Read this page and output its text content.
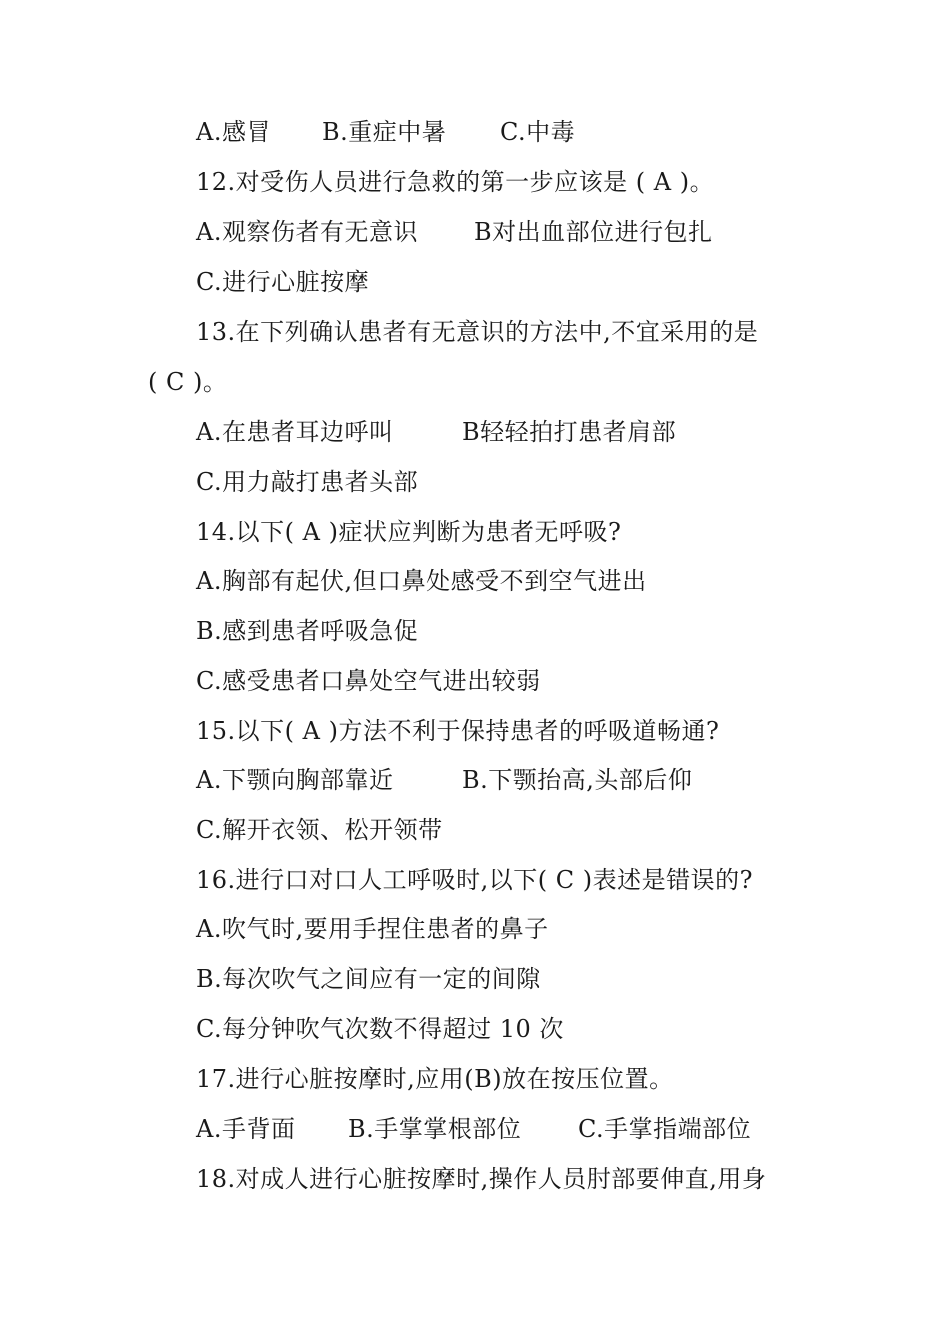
A.感冒 B.重症中暑 C.中毒
12.对受伤人员进行急救的第一步应该是 ( A )。
A.观察伤者有无意识 B对出血部位进行包扎
C.进行心脏按摩
13.在下列确认患者有无意识的方法中,不宜采用的是
( C )。
A.在患者耳边呼叫	B轻轻拍打患者肩部
C.用力敲打患者头部
14.以下( A )症状应判断为患者无呼吸?
A.胸部有起伏,但口鼻处感受不到空气进出
B.感到患者呼吸急促
C.感受患者口鼻处空气进出较弱
15.以下( A )方法不利于保持患者的呼吸道畅通?
A.下颚向胸部靠近	B.下颚抬高,头部后仰
C.解开衣领、松开领带
16.进行口对口人工呼吸时,以下( C )表述是错误的?
A.吹气时,要用手捏住患者的鼻子
B.每次吹气之间应有一定的间隙
C.每分钟吹气次数不得超过 10 次
17.进行心脏按摩时,应用(B)放在按压位置。
A.手背面 B.手掌掌根部位 C.手掌指端部位
18.对成人进行心脏按摩时,操作人员肘部要伸直,用身
